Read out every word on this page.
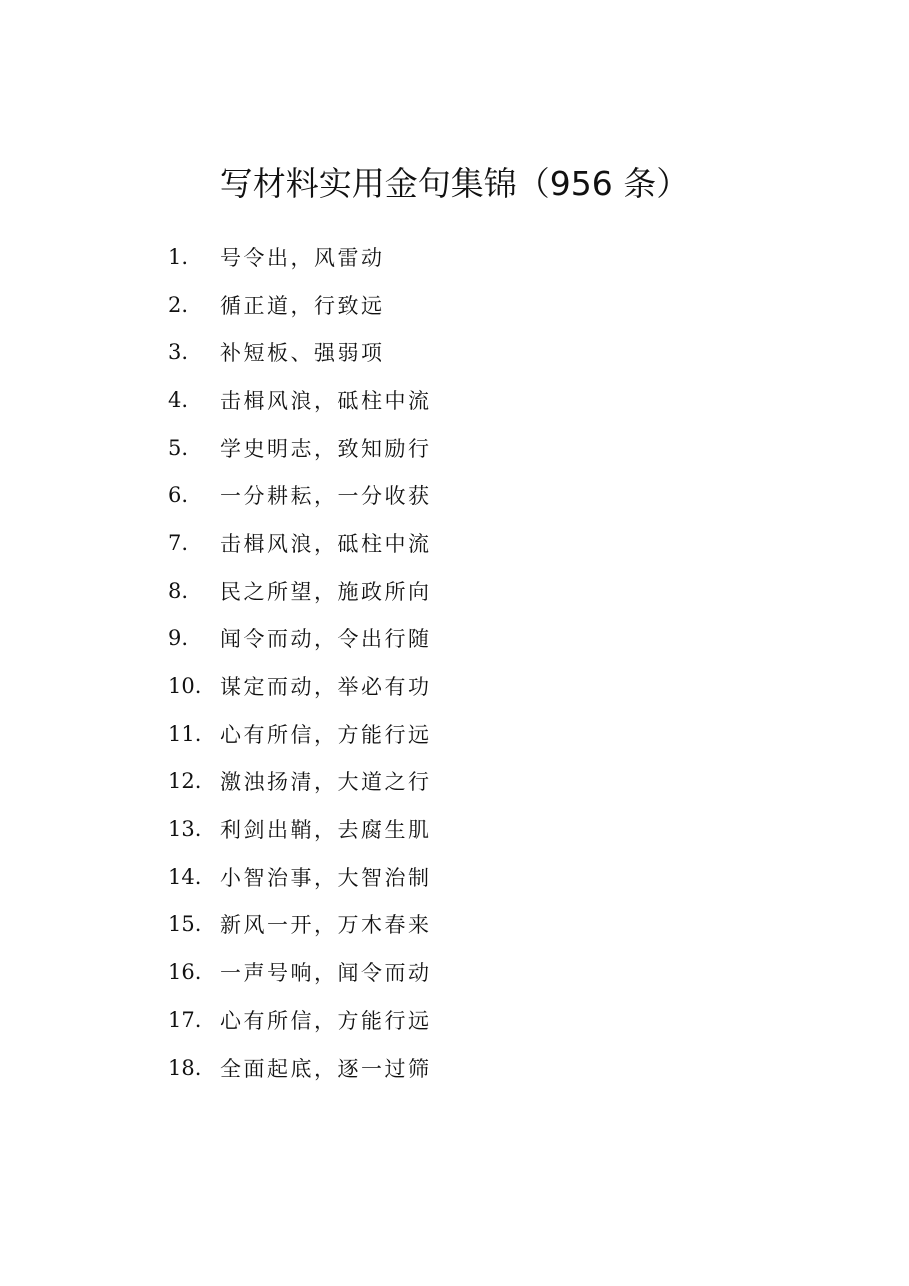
写材料实用金句集锦（956 条）
1.	号令出，风雷动
2.	循正道，行致远
3.	补短板、强弱项
4.	击楫风浪，砥柱中流
5.	学史明志，致知励行
6.	一分耕耘，一分收获
7.	击楫风浪，砥柱中流
8.	民之所望，施政所向
9.	闻令而动，令出行随
10. 谋定而动，举必有功
11. 心有所信，方能行远
12. 激浊扬清，大道之行
13. 利剑出鞘，去腐生肌
14. 小智治事，大智治制
15. 新风一开，万木春来
16. 一声号响，闻令而动
17. 心有所信，方能行远
18. 全面起底，逐一过筛
